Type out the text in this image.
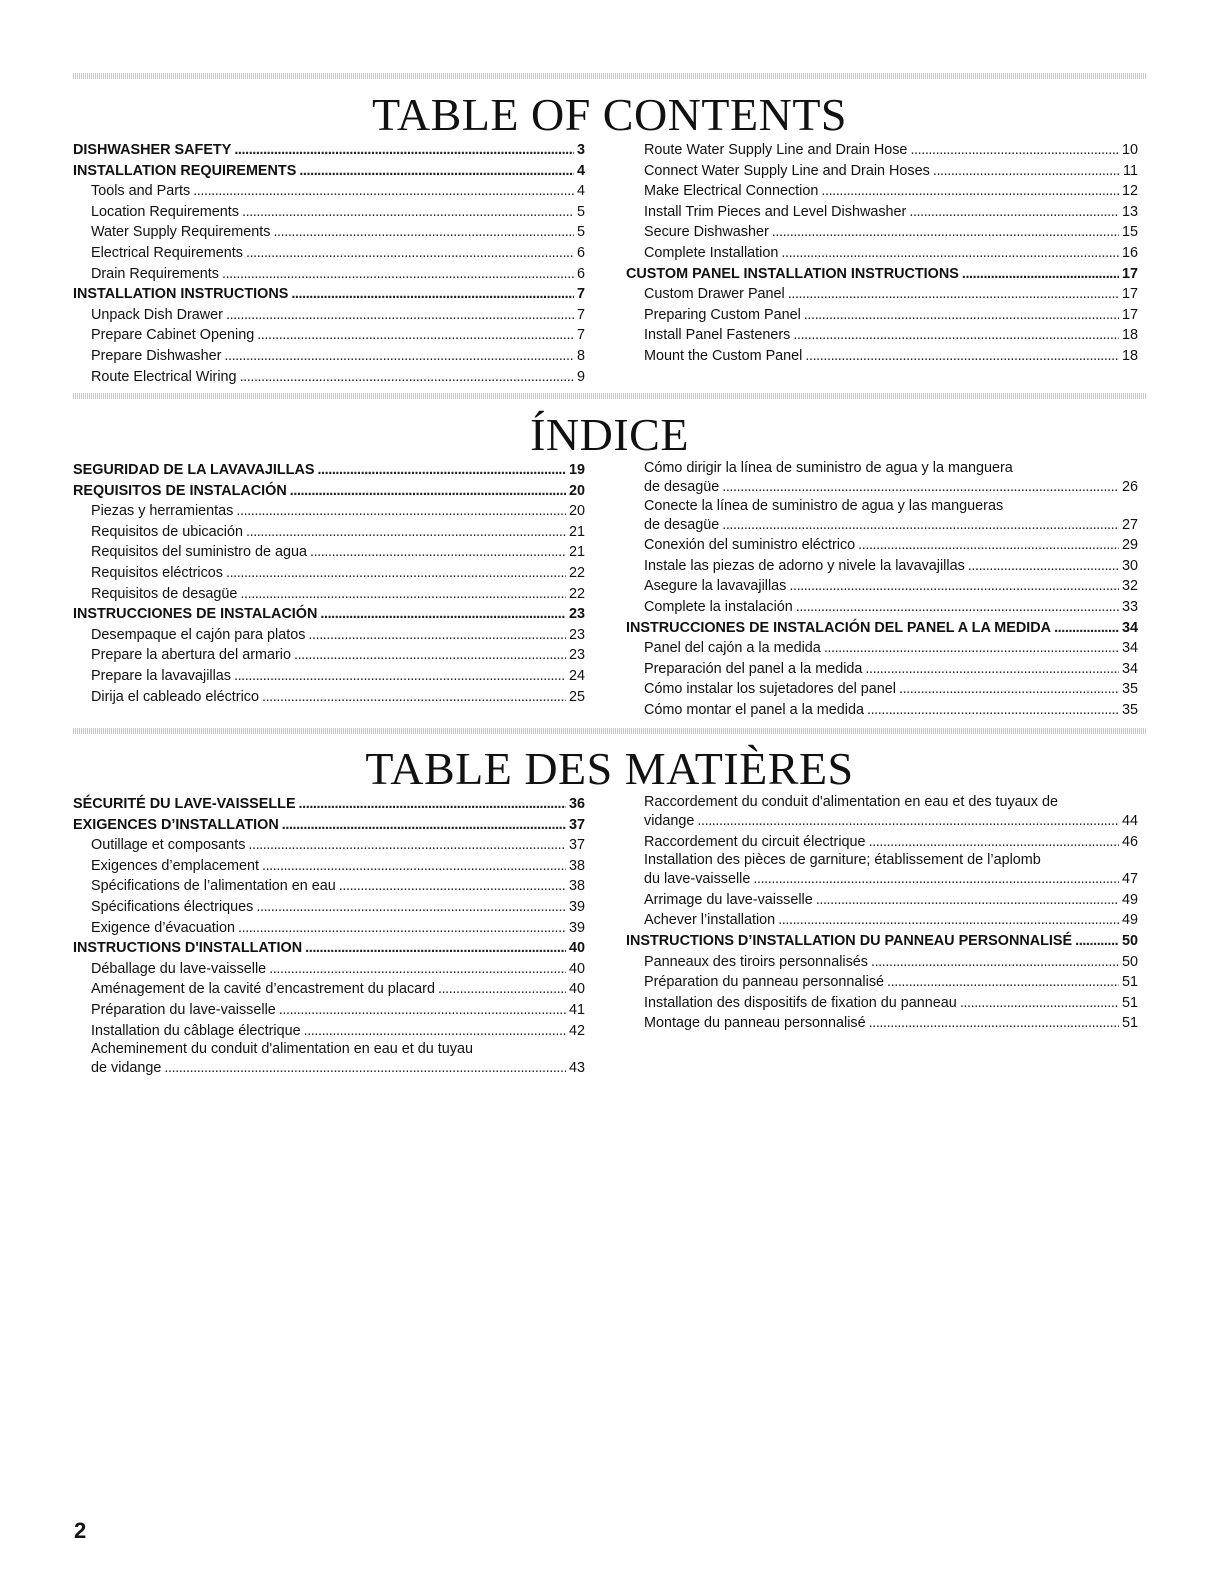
TABLE OF CONTENTS
DISHWASHER SAFETY . . .	3
INSTALLATION REQUIREMENTS . . .	4
Tools and Parts . . .	4
Location Requirements . . .	5
Water Supply Requirements . . .	5
Electrical Requirements . . .	6
Drain Requirements . . .	6
INSTALLATION INSTRUCTIONS . . .	7
Unpack Dish Drawer . . .	7
Prepare Cabinet Opening . . .	7
Prepare Dishwasher . . .	8
Route Electrical Wiring . . .	9
Route Water Supply Line and Drain Hose . . .	10
Connect Water Supply Line and Drain Hoses . . .	11
Make Electrical Connection . . .	12
Install Trim Pieces and Level Dishwasher . . .	13
Secure Dishwasher . . .	15
Complete Installation . . .	16
CUSTOM PANEL INSTALLATION INSTRUCTIONS . . .	17
Custom Drawer Panel . . .	17
Preparing Custom Panel . . .	17
Install Panel Fasteners . . .	18
Mount the Custom Panel . . .	18
ÍNDICE
SEGURIDAD DE LA LAVAVAJILLAS . . .	19
REQUISITOS DE INSTALACIÓN . . .	20
Piezas y herramientas . . .	20
Requisitos de ubicación . . .	21
Requisitos del suministro de agua . . .	21
Requisitos eléctricos . . .	22
Requisitos de desagüe . . .	22
INSTRUCCIONES DE INSTALACIÓN . . .	23
Desempaque el cajón para platos . . .	23
Prepare la abertura del armario . . .	23
Prepare la lavavajillas . . .	24
Dirija el cableado eléctrico . . .	25
Cómo dirigir la línea de suministro de agua y la manguera
de desagüe . . .	26
Conecte la línea de suministro de agua y las mangueras
de desagüe . . .	27
Conexión del suministro eléctrico . . .	29
Instale las piezas de adorno y nivele la lavavajillas . . .	30
Asegure la lavavajillas . . .	32
Complete la instalación . . .	33
INSTRUCCIONES DE INSTALACIÓN DEL PANEL A LA MEDIDA . . .	34
Panel del cajón a la medida . . .	34
Preparación del panel a la medida . . .	34
Cómo instalar los sujetadores del panel . . .	35
Cómo montar el panel a la medida . . .	35
TABLE DES MATIÈRES
SÉCURITÉ DU LAVE-VAISSELLE . . .	36
EXIGENCES D’INSTALLATION . . .	37
Outillage et composants . . .	37
Exigences d’emplacement . . .	38
Spécifications de l’alimentation en eau . . .	38
Spécifications électriques . . .	39
Exigence d’évacuation . . .	39
INSTRUCTIONS D'INSTALLATION . . .	40
Déballage du lave-vaisselle . . .	40
Aménagement de la cavité d’encastrement du placard . . .	40
Préparation du lave-vaisselle . . .	41
Installation du câblage électrique . . .	42
Acheminement du conduit d'alimentation en eau et du tuyau
de vidange . . .	43
Raccordement du conduit d'alimentation en eau et des tuyaux de
vidange . . .	44
Raccordement du circuit électrique . . .	46
Installation des pièces de garniture; établissement de l’aplomb
du lave-vaisselle . . .	47
Arrimage du lave-vaisselle . . .	49
Achever l’installation . . .	49
INSTRUCTIONS D’INSTALLATION DU PANNEAU PERSONNALISÉ . . .	50
Panneaux des tiroirs personnalisés . . .	50
Préparation du panneau personnalisé . . .	51
Installation des dispositifs de fixation du panneau . . .	51
Montage du panneau personnalisé . . .	51
2
